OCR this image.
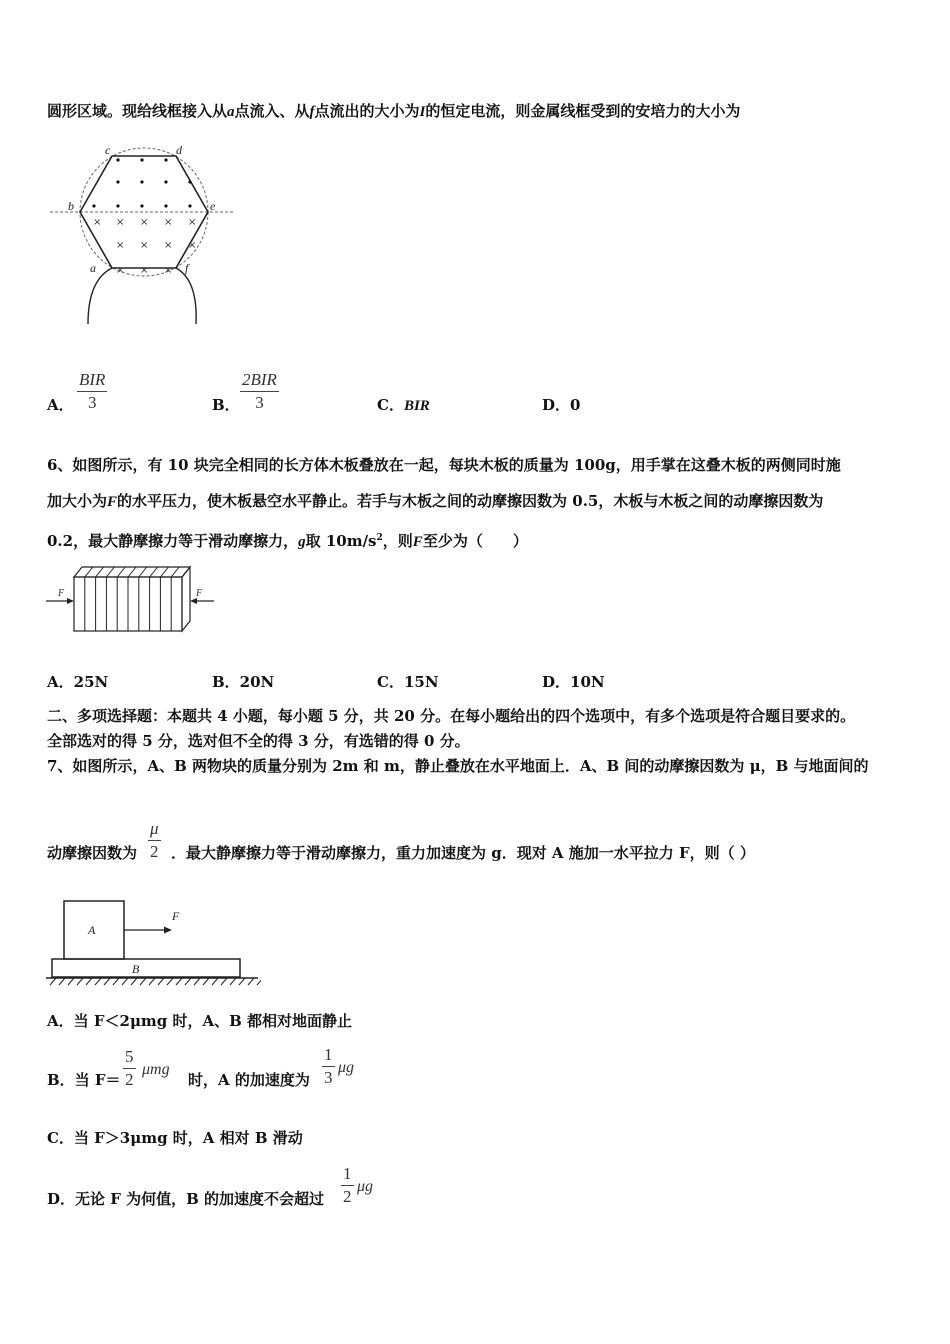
圆形区域。现给线框接入从a点流入、从f点流出的大小为I的恒定电流，则金属线框受到的安培力的大小为
× × × × ×
× × × ×
× × ×
c	d
b	e
a	f
A．
BIR
3	B．
2BIR
3	C．BIR	D．0
6、如图所示，有 10 块完全相同的长方体木板叠放在一起，每块木板的质量为 100g，用手掌在这叠木板的两侧同时施
加大小为F的水平压力，使木板悬空水平静止。若手与木板之间的动摩擦因数为 0.5，木板与木板之间的动摩擦因数为
0.2，最大静摩擦力等于滑动摩擦力，g取 $10m/s^2$，则F至少为（　　）
F	F
A．25N	B．20N	C．15N	D．10N
二、多项选择题：本题共 4 小题，每小题 5 分，共 20 分。在每小题给出的四个选项中，有多个选项是符合题目要求的。
全部选对的得 5 分，选对但不全的得 3 分，有选错的得 0 分。
7、如图所示，A、B 两物块的质量分别为 2m 和 m，静止叠放在水平地面上．A、B 间的动摩擦因数为 μ，B 与地面间的
动摩擦因数为
μ
2 ．最大静摩擦力等于滑动摩擦力，重力加速度为 g．现对 A 施加一水平拉力 F，则（ ）
A
B
F
A．当 F＜2μmg 时，A、B 都相对地面静止
B．当 F＝
5
2
μmg
时，A 的加速度为
1
3
μg
C．当 F＞3μmg 时，A 相对 B 滑动
D．无论 F 为何值，B 的加速度不会超过
1
2
μg
